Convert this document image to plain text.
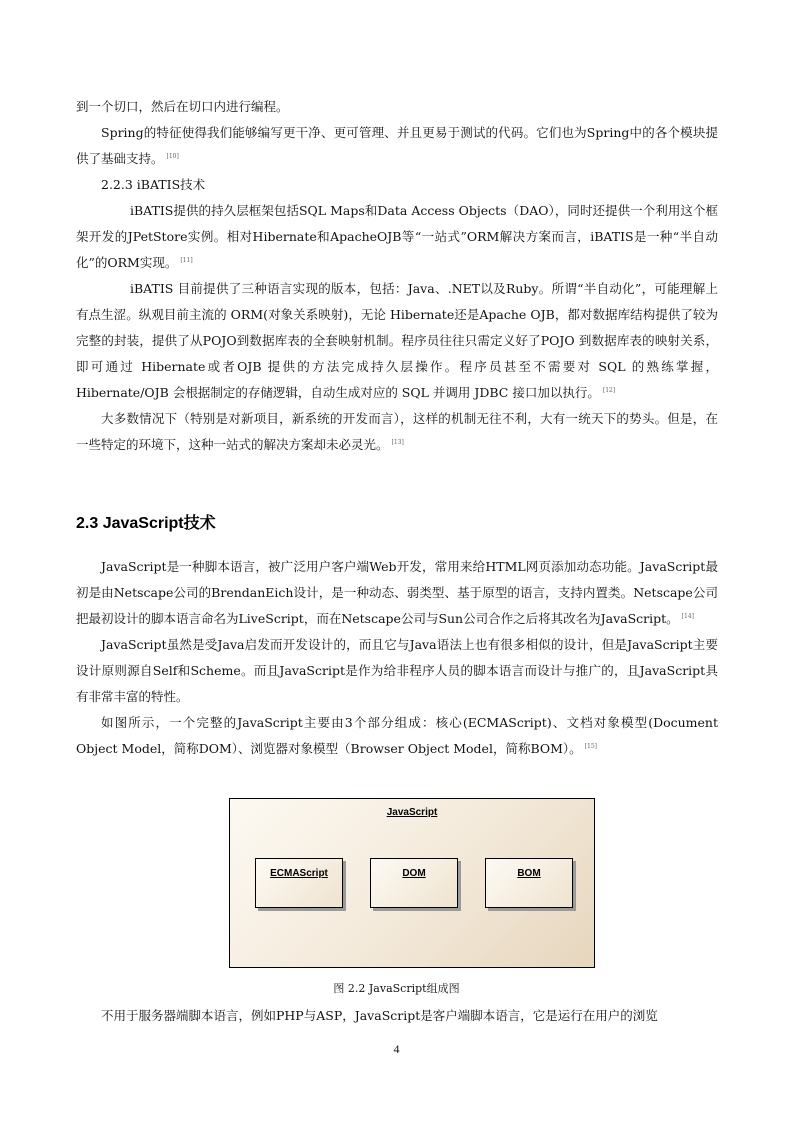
到一个切口，然后在切口内进行编程。

Spring的特征使得我们能够编写更干净、更可管理、并且更易于测试的代码。它们也为Spring中的各个模块提供了基础支持。 [10]

2.2.3 iBATIS技术

iBATIS提供的持久层框架包括SQL Maps和Data Access Objects（DAO），同时还提供一个利用这个框架开发的JPetStore实例。相对Hibernate和ApacheOJB等“一站式”ORM解决方案而言，iBATIS是一种“半自动化”的ORM实现。 [11]

iBATIS 目前提供了三种语言实现的版本，包括：Java、.NET以及Ruby。所谓“半自动化”，可能理解上有点生涩。纵观目前主流的 ORM(对象关系映射)，无论 Hibernate还是Apache OJB，都对数据库结构提供了较为完整的封装，提供了从POJO到数据库表的全套映射机制。程序员往往只需定义好了POJO 到数据库表的映射关系，即可通过 Hibernate或者OJB 提供的方法完成持久层操作。程序员甚至不需要对 SQL 的熟练掌握，Hibernate/OJB 会根据制定的存储逻辑，自动生成对应的 SQL 并调用 JDBC 接口加以执行。 [12]

大多数情况下（特别是对新项目，新系统的开发而言），这样的机制无往不利，大有一统天下的势头。但是，在一些特定的环境下，这种一站式的解决方案却未必灵光。 [13]

2.3 JavaScript技术

JavaScript是一种脚本语言，被广泛用户客户端Web开发，常用来给HTML网页添加动态功能。JavaScript最初是由Netscape公司的BrendanEich设计，是一种动态、弱类型、基于原型的语言，支持内置类。Netscape公司把最初设计的脚本语言命名为LiveScript，而在Netscape公司与Sun公司合作之后将其改名为JavaScript。 [14]

JavaScript虽然是受Java启发而开发设计的，而且它与Java语法上也有很多相似的设计，但是JavaScript主要设计原则源自Self和Scheme。而且JavaScript是作为给非程序人员的脚本语言而设计与推广的，且JavaScript具有非常丰富的特性。

如图所示，一个完整的JavaScript主要由3个部分组成：核心(ECMAScript)、文档对象模型(Document Object Model，简称DOM）、浏览器对象模型（Browser Object Model，简称BOM）。 [15]

JavaScript
ECMAScript	DOM	BOM
图 2.2 JavaScript组成图

不用于服务器端脚本语言，例如PHP与ASP，JavaScript是客户端脚本语言，它是运行在用户的浏览

4
